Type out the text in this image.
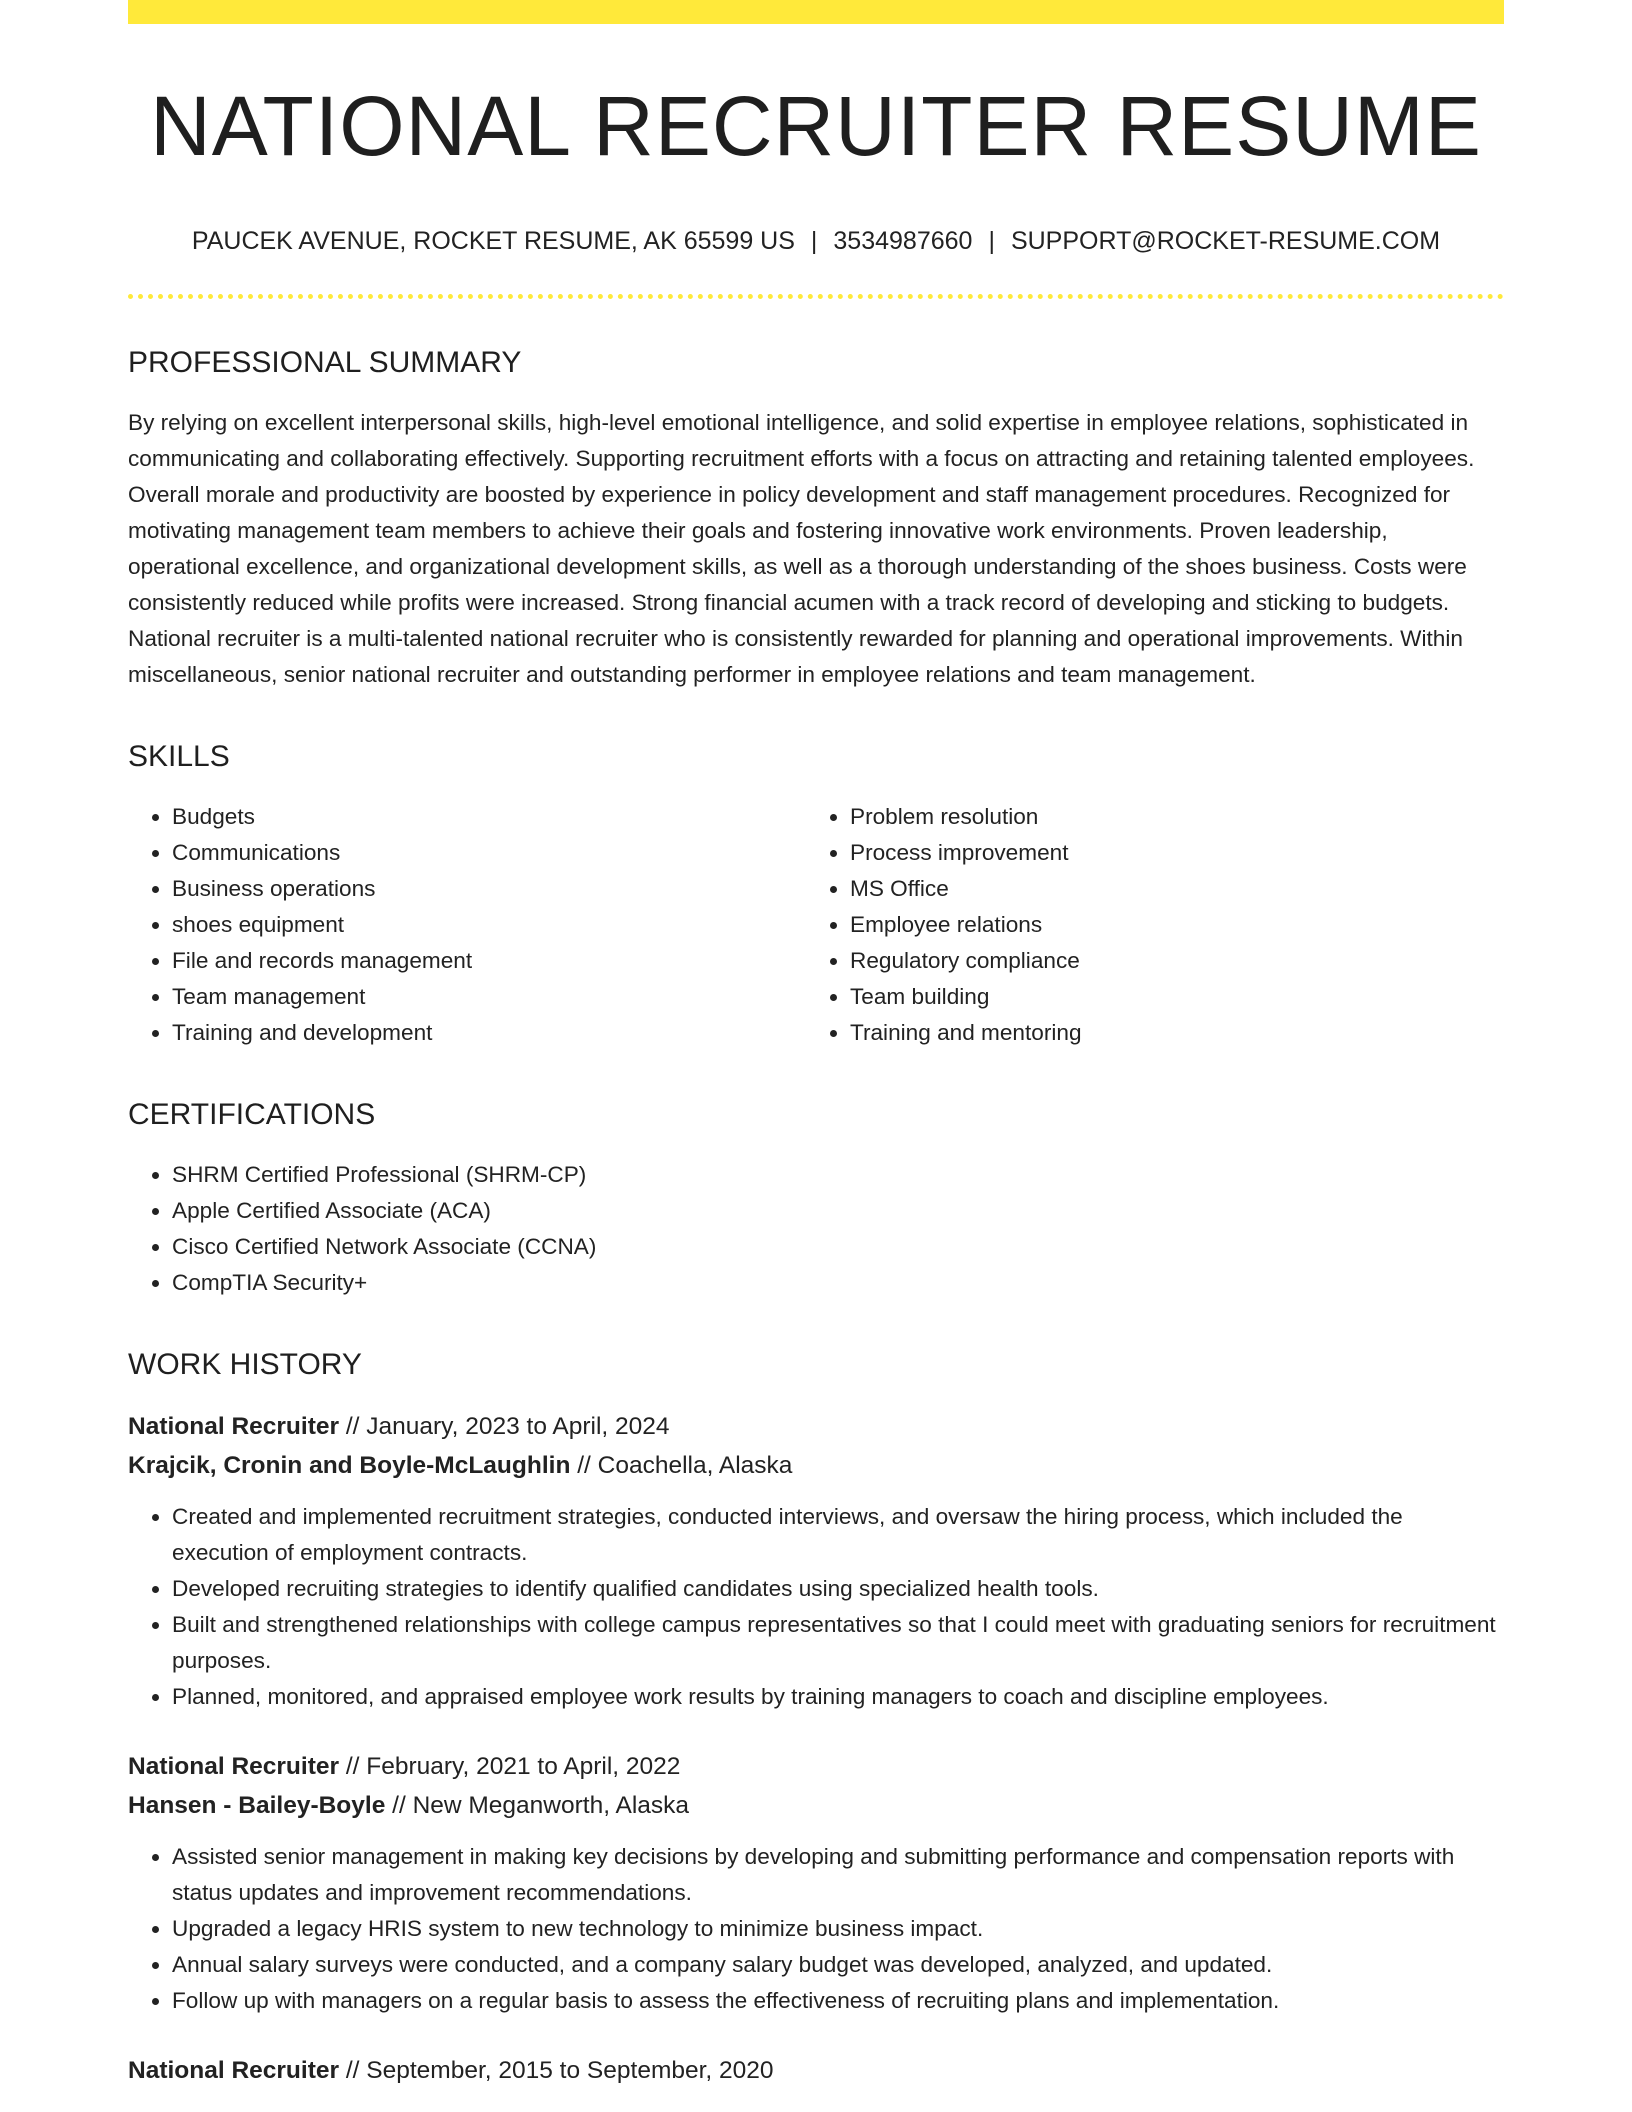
NATIONAL RECRUITER RESUME
PAUCEK AVENUE, ROCKET RESUME, AK 65599 US | 3534987660 | SUPPORT@ROCKET-RESUME.COM
PROFESSIONAL SUMMARY
By relying on excellent interpersonal skills, high-level emotional intelligence, and solid expertise in employee relations, sophisticated in communicating and collaborating effectively. Supporting recruitment efforts with a focus on attracting and retaining talented employees. Overall morale and productivity are boosted by experience in policy development and staff management procedures. Recognized for motivating management team members to achieve their goals and fostering innovative work environments. Proven leadership, operational excellence, and organizational development skills, as well as a thorough understanding of the shoes business. Costs were consistently reduced while profits were increased. Strong financial acumen with a track record of developing and sticking to budgets. National recruiter is a multi-talented national recruiter who is consistently rewarded for planning and operational improvements. Within miscellaneous, senior national recruiter and outstanding performer in employee relations and team management.
SKILLS
• Budgets
• Communications
• Business operations
• shoes equipment
• File and records management
• Team management
• Training and development
• Problem resolution
• Process improvement
• MS Office
• Employee relations
• Regulatory compliance
• Team building
• Training and mentoring
CERTIFICATIONS
• SHRM Certified Professional (SHRM-CP)
• Apple Certified Associate (ACA)
• Cisco Certified Network Associate (CCNA)
• CompTIA Security+
WORK HISTORY
National Recruiter // January, 2023 to April, 2024
Krajcik, Cronin and Boyle-McLaughlin // Coachella, Alaska
• Created and implemented recruitment strategies, conducted interviews, and oversaw the hiring process, which included the execution of employment contracts.
• Developed recruiting strategies to identify qualified candidates using specialized health tools.
• Built and strengthened relationships with college campus representatives so that I could meet with graduating seniors for recruitment purposes.
• Planned, monitored, and appraised employee work results by training managers to coach and discipline employees.
National Recruiter // February, 2021 to April, 2022
Hansen - Bailey-Boyle // New Meganworth, Alaska
• Assisted senior management in making key decisions by developing and submitting performance and compensation reports with status updates and improvement recommendations.
• Upgraded a legacy HRIS system to new technology to minimize business impact.
• Annual salary surveys were conducted, and a company salary budget was developed, analyzed, and updated.
• Follow up with managers on a regular basis to assess the effectiveness of recruiting plans and implementation.
National Recruiter // September, 2015 to September, 2020
